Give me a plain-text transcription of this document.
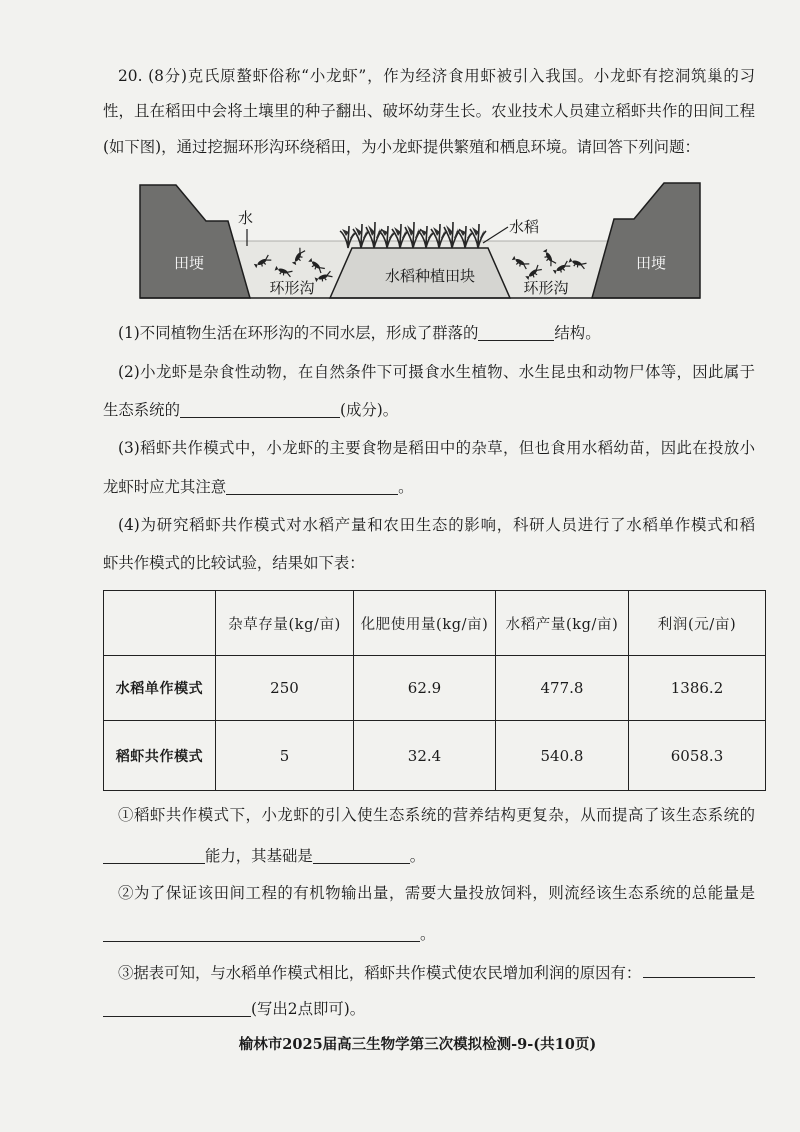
20. (8分)克氏原螯虾俗称“小龙虾”，作为经济食用虾被引入我国。小龙虾有挖洞筑巢的习
性，且在稻田中会将土壤里的种子翻出、破坏幼芽生长。农业技术人员建立稻虾共作的田间工程
(如下图)，通过挖掘环形沟环绕稻田，为小龙虾提供繁殖和栖息环境。请回答下列问题：
水	水稻
田埂	田埂
水稻种植田块
环形沟	环形沟
(1)不同植物生活在环形沟的不同水层，形成了群落的	结构。
(2)小龙虾是杂食性动物，在自然条件下可摄食水生植物、水生昆虫和动物尸体等，因此属于
生态系统的	(成分)。
(3)稻虾共作模式中，小龙虾的主要食物是稻田中的杂草，但也食用水稻幼苗，因此在投放小
龙虾时应尤其注意	。
(4)为研究稻虾共作模式对水稻产量和农田生态的影响，科研人员进行了水稻单作模式和稻
虾共作模式的比较试验，结果如下表：
	杂草存量(kg/亩)	化肥使用量(kg/亩)	水稻产量(kg/亩)	利润(元/亩)
水稻单作模式	250	62.9	477.8	1386.2
稻虾共作模式	5	32.4	540.8	6058.3
①稻虾共作模式下，小龙虾的引入使生态系统的营养结构更复杂，从而提高了该生态系统的
能力，其基础是	。
②为了保证该田间工程的有机物输出量，需要大量投放饲料，则流经该生态系统的总能量是
。
③据表可知，与水稻单作模式相比，稻虾共作模式使农民增加利润的原因有：
(写出2点即可)。
榆林市2025届高三生物学第三次模拟检测-9-(共10页)
